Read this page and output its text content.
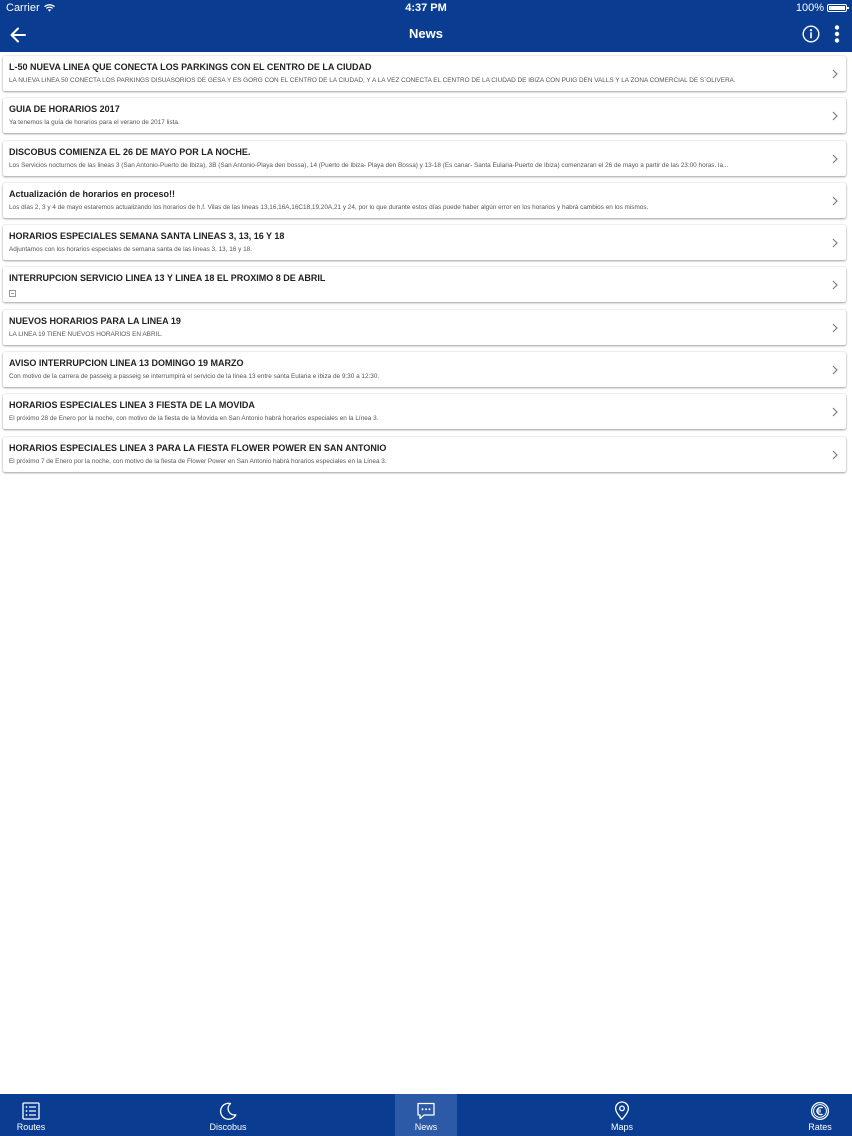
Carrier	4:37 PM	100%
News
L-50 NUEVA LINEA QUE CONECTA LOS PARKINGS CON EL CENTRO DE LA CIUDAD
LA NUEVA LINEA 50 CONECTA LOS PARKINGS DISUASORIOS DE GESA Y ES GORG CON EL CENTRO DE LA CIUDAD, Y A LA VEZ CONECTA EL CENTRO DE LA CIUDAD DE IBIZA CON PUIG DEN VALLS Y LA ZONA COMERCIAL DE S´OLIVERA.
GUIA DE HORARIOS 2017
Ya tenemos la guía de horarios para el verano de 2017 lista.
DISCOBUS COMIENZA EL 26 DE MAYO POR LA NOCHE.
Los Servicios nocturnos de las lineas 3 (San Antonio-Puerto de Ibiza), 3B (San Antonio-Playa den bossa), 14 (Puerto de Ibiza- Playa den Bossa) y 13-18 (Es canar- Santa Eularia-Puerto de Ibiza) comenzaran el 26 de mayo a partir de las 23:00 horas. la...
Actualización de horarios en proceso!!
Los días 2, 3 y 4 de mayo estaremos actualizando los horarios de h.f. Vilas de las lineas 13,16,16A,16C18,19,20A,21 y 24, por lo que durante estos días puede haber algún error en los horarios y habrá cambios en los mismos.
HORARIOS ESPECIALES SEMANA SANTA LINEAS 3, 13, 16 Y 18
Adjuntamos con los horarios especiales de semana santa de las lineas 3, 13, 16 y 18.
INTERRUPCION SERVICIO LINEA 13 Y LINEA 18 EL PROXIMO 8 DE ABRIL
NUEVOS HORARIOS PARA LA LINEA 19
LA LINEA 19 TIENE NUEVOS HORARIOS EN ABRIL.
AVISO INTERRUPCION LINEA 13 DOMINGO 19 MARZO
Con motivo de la carrera de passeig a passeig se interrumpirá el servicio de la línea 13 entre santa Eularia e ibiza de 9:30 a 12:30.
HORARIOS ESPECIALES LINEA 3 FIESTA DE LA MOVIDA
El próximo 28 de Enero por la noche, con motivo de la fiesta de la Movida en San Antonio habrá horarios especiales en la Línea 3.
HORARIOS ESPECIALES LINEA 3 PARA LA FIESTA FLOWER POWER EN SAN ANTONIO
El próximo 7 de Enero por la noche, con motivo de la fiesta de Flower Power en San Antonio habrá horarios especiales en la Línea 3.
Routes	Discobus	News	Maps	Rates
